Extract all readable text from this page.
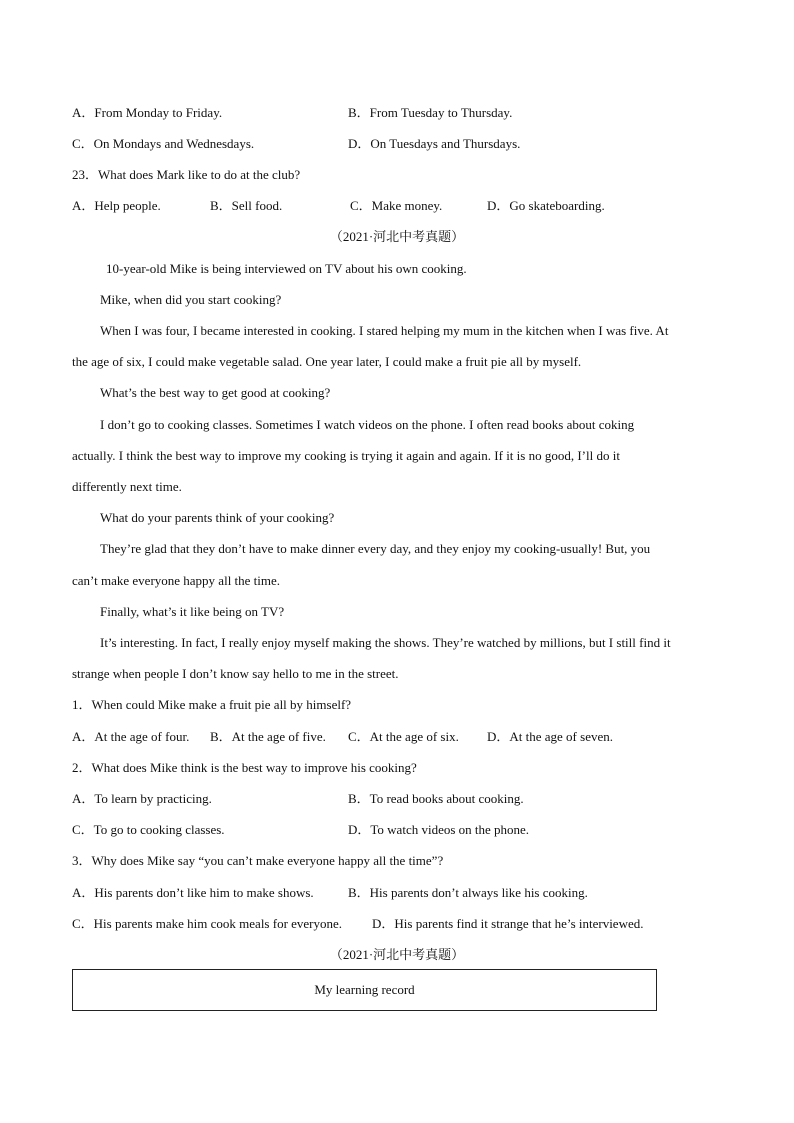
A．From Monday to Friday.	B．From Tuesday to Thursday.
C．On Mondays and Wednesdays.	D．On Tuesdays and Thursdays.
23．What does Mark like to do at the club?
A．Help people.	B．Sell food.	C．Make money.	D．Go skateboarding.
（2021·河北中考真题）
10-year-old Mike is being interviewed on TV about his own cooking.
Mike, when did you start cooking?
When I was four, I became interested in cooking. I stared helping my mum in the kitchen when I was five. At
the age of six, I could make vegetable salad. One year later, I could make a fruit pie all by myself.
What’s the best way to get good at cooking?
I don’t go to cooking classes. Sometimes I watch videos on the phone. I often read books about coking
actually. I think the best way to improve my cooking is trying it again and again. If it is no good, I’ll do it
differently next time.
What do your parents think of your cooking?
They’re glad that they don’t have to make dinner every day, and they enjoy my cooking-usually! But, you
can’t make everyone happy all the time.
Finally, what’s it like being on TV?
It’s interesting. In fact, I really enjoy myself making the shows. They’re watched by millions, but I still find it
strange when people I don’t know say hello to me in the street.
1．When could Mike make a fruit pie all by himself?
A．At the age of four. B．At the age of five. C．At the age of six. D．At the age of seven.
2．What does Mike think is the best way to improve his cooking?
A．To learn by practicing.	B．To read books about cooking.
C．To go to cooking classes.	D．To watch videos on the phone.
3．Why does Mike say “you can’t make everyone happy all the time”?
A．His parents don’t like him to make shows.	B．His parents don’t always like his cooking.
C．His parents make him cook meals for everyone. D．His parents find it strange that he’s interviewed.
（2021·河北中考真题）
My learning record
